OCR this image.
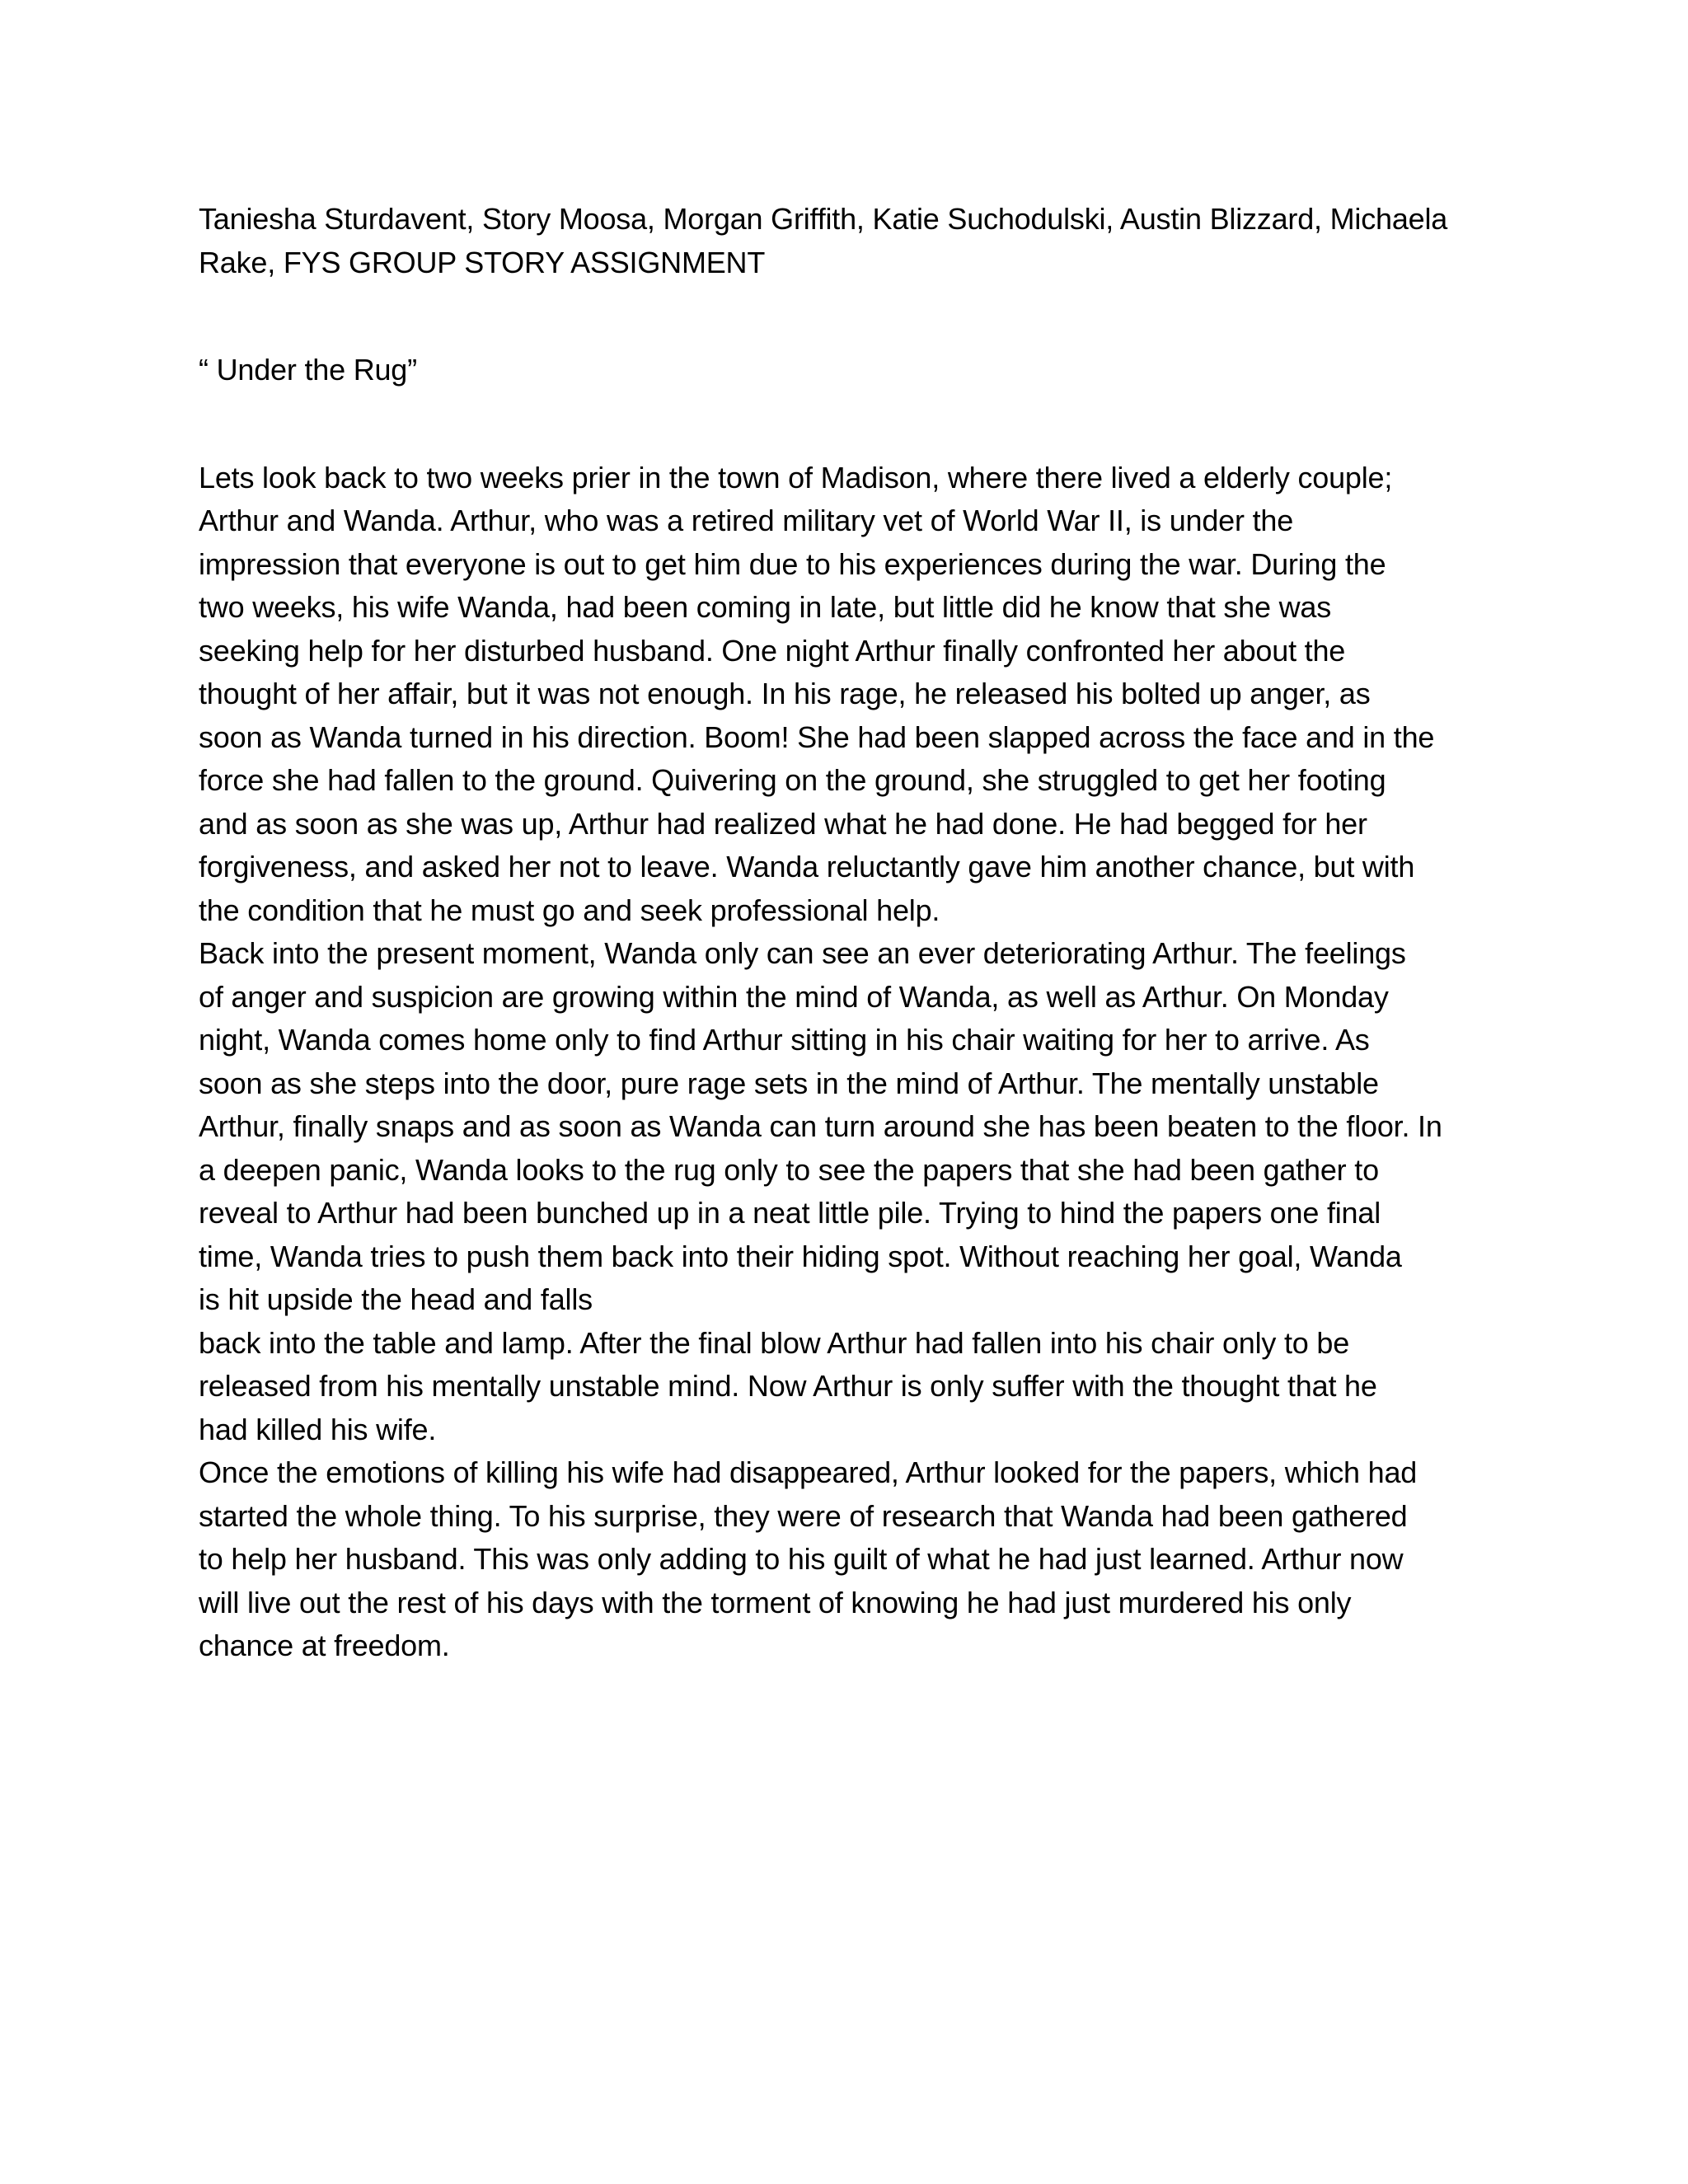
Taniesha Sturdavent, Story Moosa, Morgan Griffith, Katie Suchodulski, Austin Blizzard, Michaela
Rake, FYS GROUP STORY ASSIGNMENT
“ Under the Rug”
Lets look back to two weeks prier in the town of Madison, where there lived a elderly couple;
Arthur and Wanda. Arthur, who was a retired military vet of World War II, is under the
impression that everyone is out to get him due to his experiences during the war. During the
two weeks, his wife Wanda, had been coming in late, but little did he know that she was
seeking help for her disturbed husband. One night Arthur finally confronted her about the
thought of her affair, but it was not enough. In his rage, he released his bolted up anger, as
soon as Wanda turned in his direction. Boom! She had been slapped across the face and in the
force she had fallen to the ground. Quivering on the ground, she struggled to get her footing
and as soon as she was up, Arthur had realized what he had done. He had begged for her
forgiveness, and asked her not to leave. Wanda reluctantly gave him another chance, but with
the condition that he must go and seek professional help.
Back into the present moment, Wanda only can see an ever deteriorating Arthur. The feelings
of anger and suspicion are growing within the mind of Wanda, as well as Arthur. On Monday
night, Wanda comes home only to find Arthur sitting in his chair waiting for her to arrive. As
soon as she steps into the door, pure rage sets in the mind of Arthur. The mentally unstable
Arthur, finally snaps and as soon as Wanda can turn around she has been beaten to the floor. In
a deepen panic, Wanda looks to the rug only to see the papers that she had been gather to
reveal to Arthur had been bunched up in a neat little pile. Trying to hind the papers one final
time, Wanda tries to push them back into their hiding spot. Without reaching her goal, Wanda
is hit upside the head and falls
back into the table and lamp. After the final blow Arthur had fallen into his chair only to be
released from his mentally unstable mind. Now Arthur is only suffer with the thought that he
had killed his wife.
Once the emotions of killing his wife had disappeared, Arthur looked for the papers, which had
started the whole thing. To his surprise, they were of research that Wanda had been gathered
to help her husband. This was only adding to his guilt of what he had just learned. Arthur now
will live out the rest of his days with the torment of knowing he had just murdered his only
chance at freedom.
